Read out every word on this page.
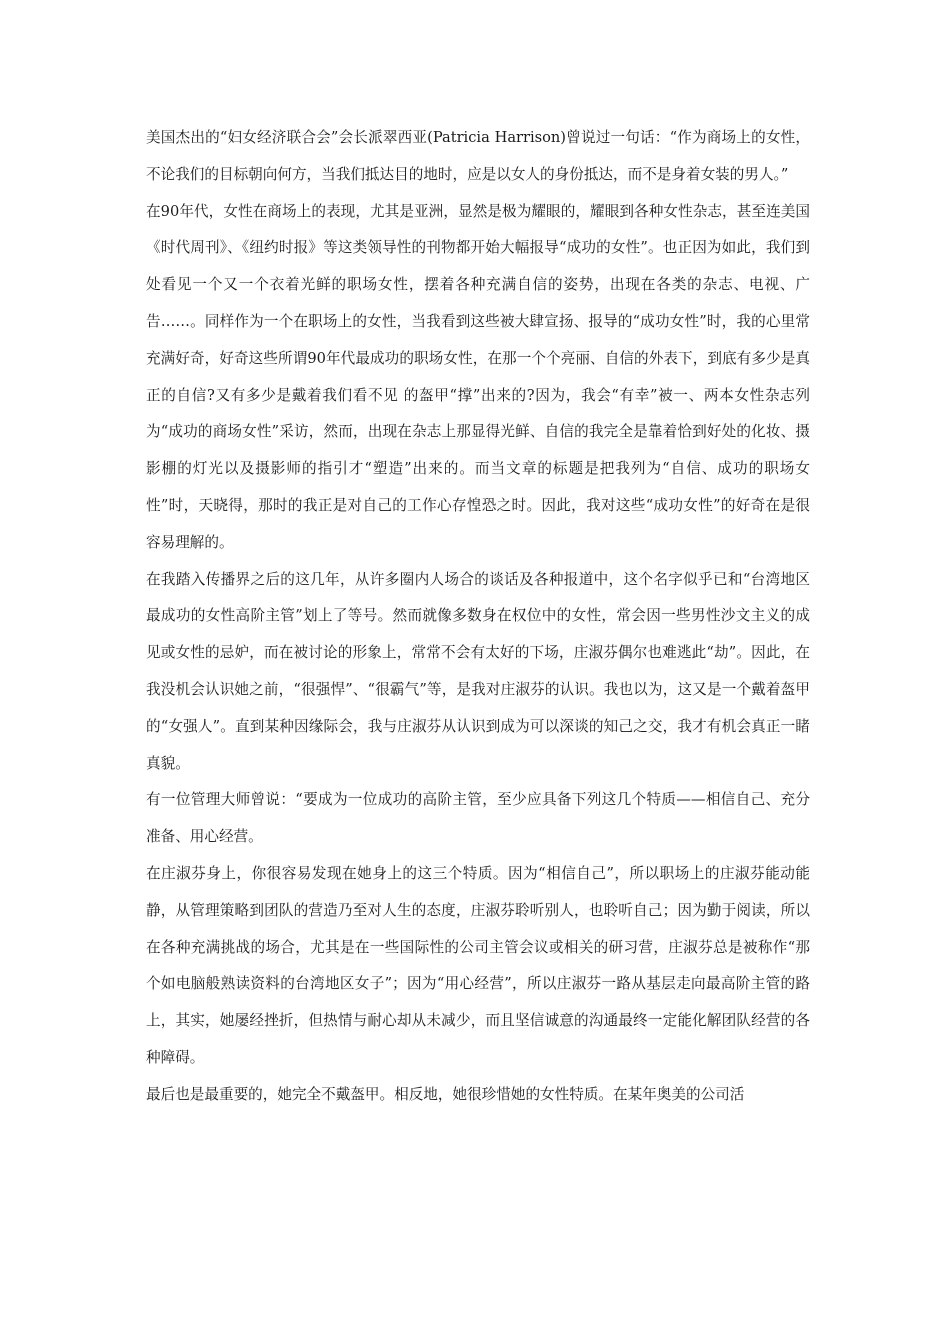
美国杰出的“妇女经济联合会”会长派翠西亚(Patricia Harrison)曾说过一句话：“作为商场上的女性，不论我们的目标朝向何方，当我们抵达目的地时，应是以女人的身份抵达，而不是身着女装的男人。”

在90年代，女性在商场上的表现，尤其是亚洲，显然是极为耀眼的，耀眼到各种女性杂志，甚至连美国《时代周刊》、《纽约时报》等这类领导性的刊物都开始大幅报导“成功的女性”。也正因为如此，我们到处看见一个又一个衣着光鲜的职场女性，摆着各种充满自信的姿势，出现在各类的杂志、电视、广告……。同样作为一个在职场上的女性，当我看到这些被大肆宣扬、报导的“成功女性”时，我的心里常充满好奇，好奇这些所谓90年代最成功的职场女性，在那一个个亮丽、自信的外表下，到底有多少是真正的自信?又有多少是戴着我们看不见 的盔甲“撑”出来的?因为，我会“有幸”被一、两本女性杂志列为“成功的商场女性”采访，然而，出现在杂志上那显得光鲜、自信的我完全是靠着恰到好处的化妆、摄影棚的灯光以及摄影师的指引才“塑造”出来的。而当文章的标题是把我列为“自信、成功的职场女性”时，天晓得，那时的我正是对自己的工作心存惶恐之时。因此，我对这些“成功女性”的好奇在是很容易理解的。

在我踏入传播界之后的这几年，从许多圈内人场合的谈话及各种报道中，这个名字似乎已和“台湾地区最成功的女性高阶主管”划上了等号。然而就像多数身在权位中的女性，常会因一些男性沙文主义的成见或女性的忌妒，而在被讨论的形象上，常常不会有太好的下场，庄淑芬偶尔也难逃此“劫”。因此，在我没机会认识她之前，“很强悍”、“很霸气”等，是我对庄淑芬的认识。我也以为，这又是一个戴着盔甲的“女强人”。直到某种因缘际会，我与庄淑芬从认识到成为可以深谈的知己之交，我才有机会真正一睹真貌。

有一位管理大师曾说：“要成为一位成功的高阶主管，至少应具备下列这几个特质——相信自己、充分准备、用心经营。

在庄淑芬身上，你很容易发现在她身上的这三个特质。因为“相信自己”，所以职场上的庄淑芬能动能静，从管理策略到团队的营造乃至对人生的态度，庄淑芬聆听别人，也聆听自己；因为勤于阅读，所以在各种充满挑战的场合，尤其是在一些国际性的公司主管会议或相关的研习营，庄淑芬总是被称作“那个如电脑般熟读资料的台湾地区女子”；因为“用心经营”，所以庄淑芬一路从基层走向最高阶主管的路上，其实，她屡经挫折，但热情与耐心却从未减少，而且坚信诚意的沟通最终一定能化解团队经营的各种障碍。

最后也是最重要的，她完全不戴盔甲。相反地，她很珍惜她的女性特质。在某年奥美的公司活
